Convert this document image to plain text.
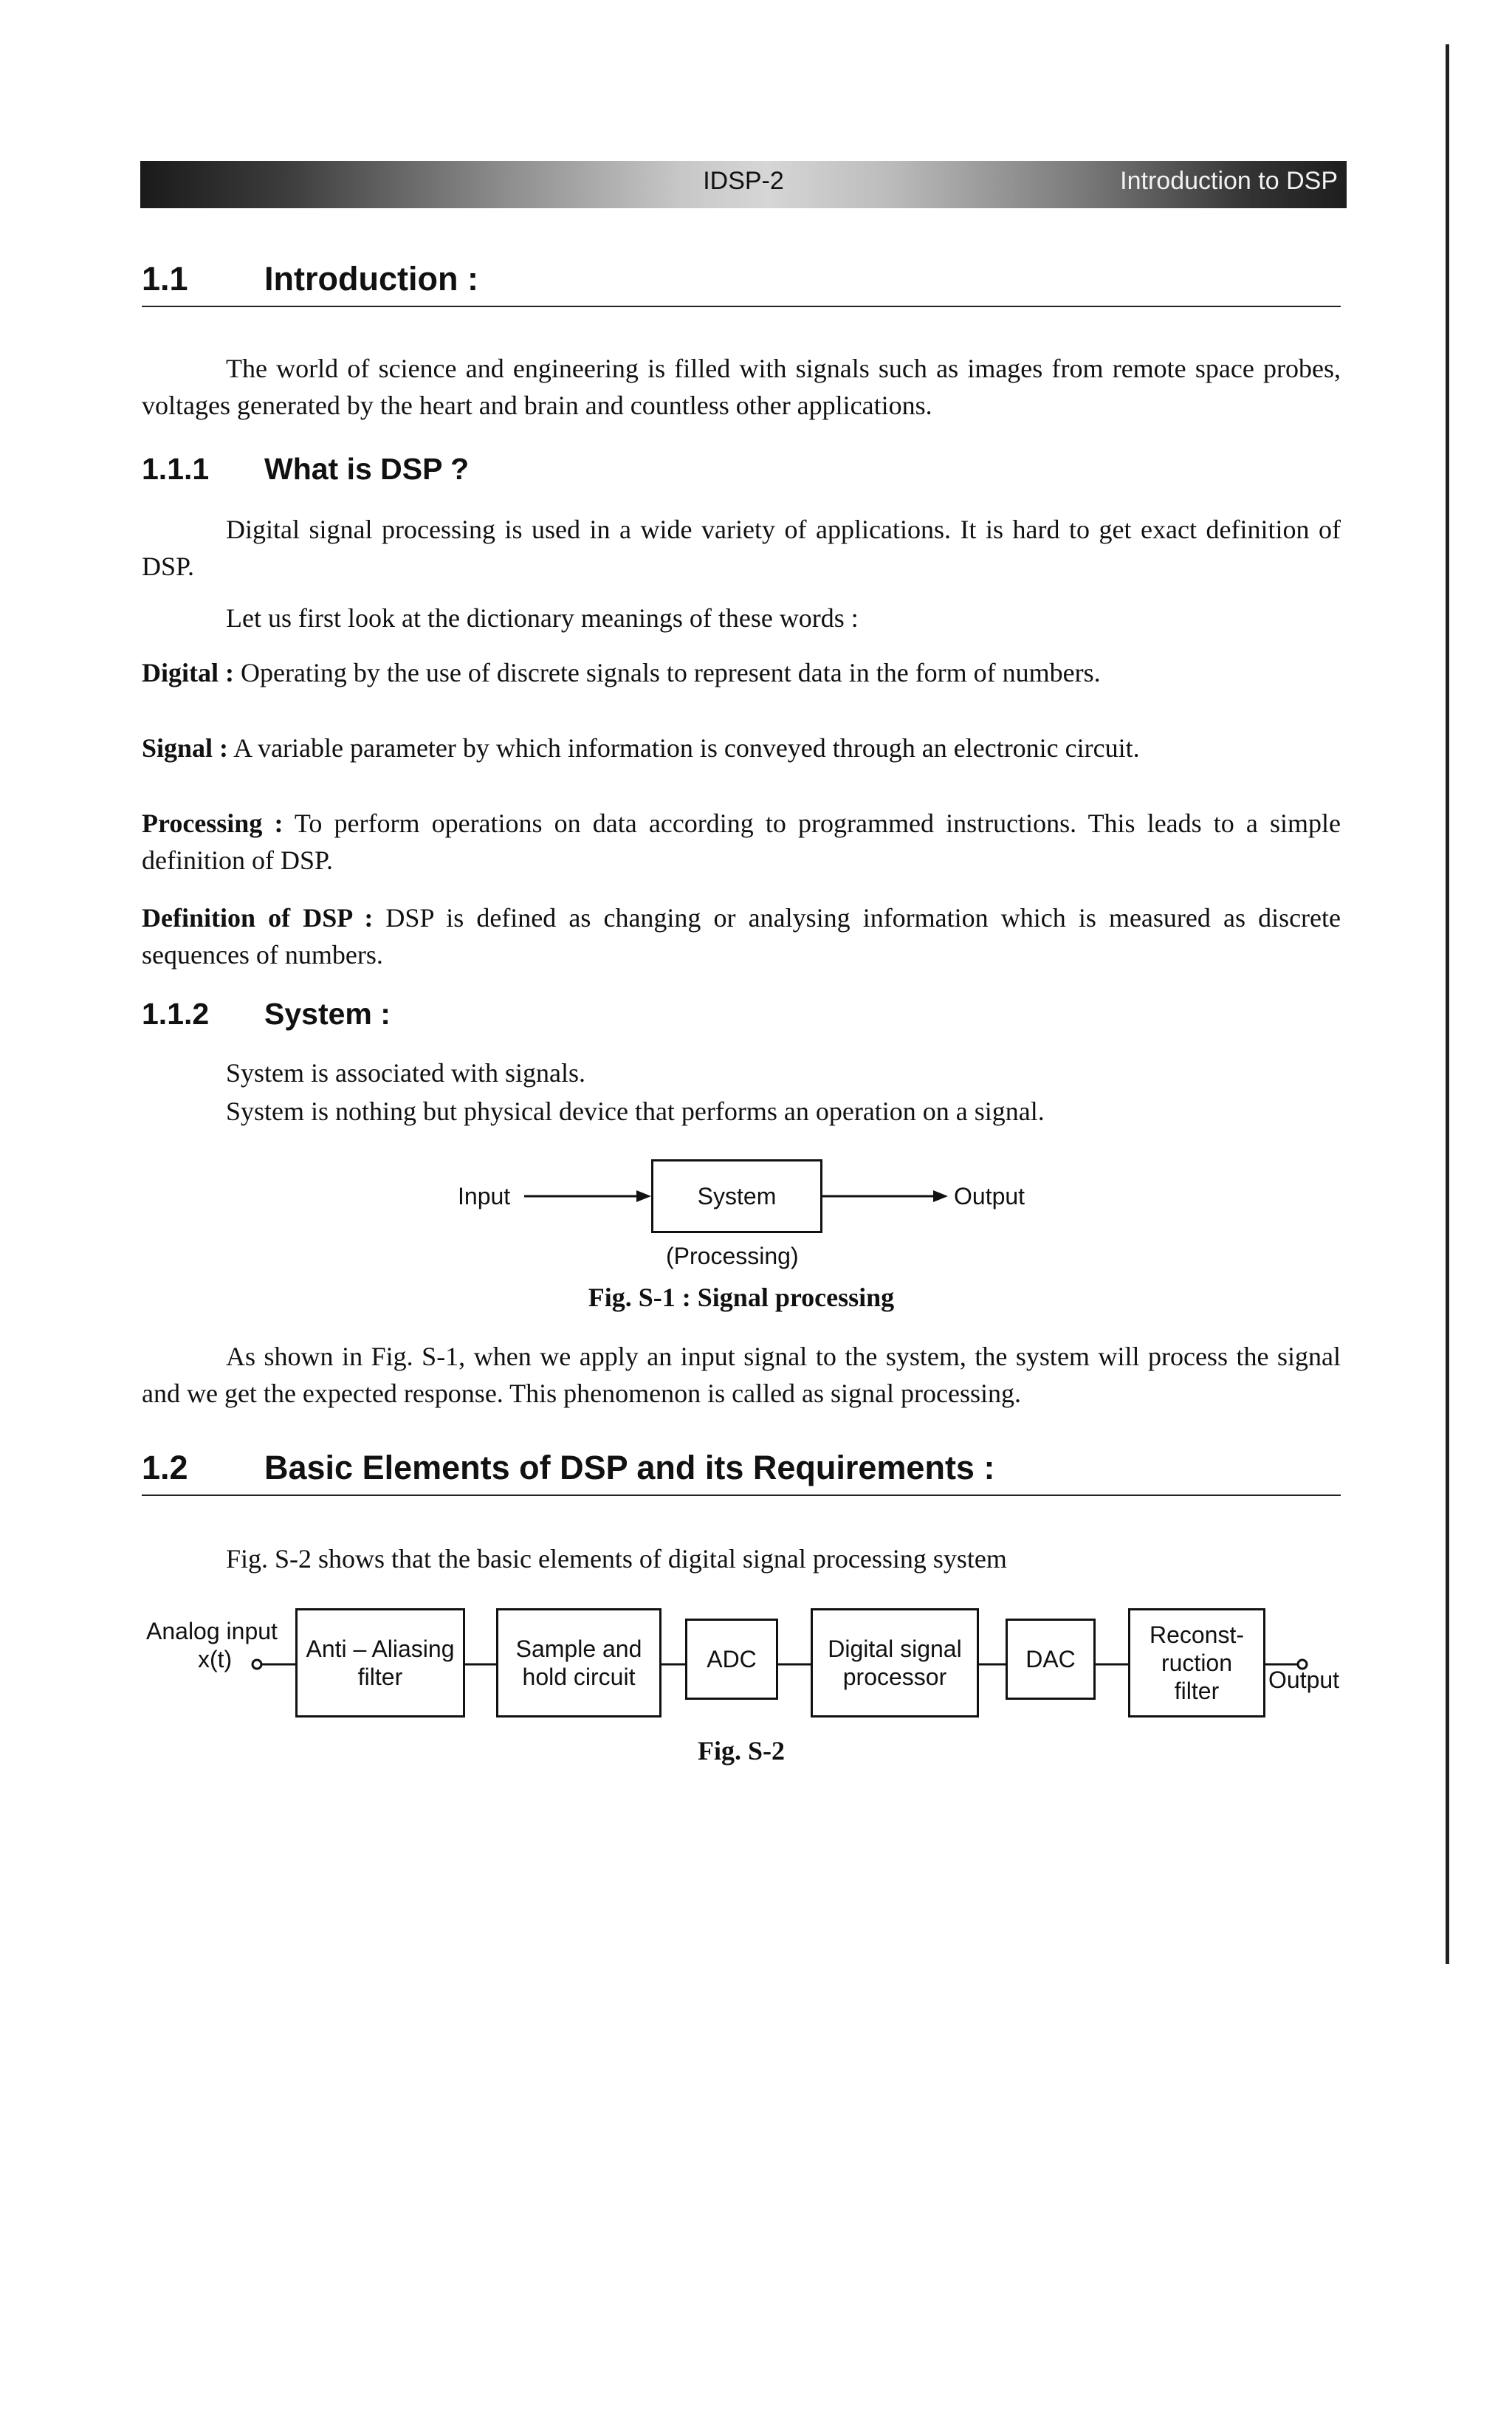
IDSP-2	Introduction to DSP
1.1 Introduction :
The world of science and engineering is filled with signals such as images from remote space probes, voltages generated by the heart and brain and countless other applications.
1.1.1 What is DSP ?
Digital signal processing is used in a wide variety of applications. It is hard to get exact definition of DSP.
Let us first look at the dictionary meanings of these words :
Digital : Operating by the use of discrete signals to represent data in the form of numbers.
Signal : A variable parameter by which information is conveyed through an electronic circuit.
Processing : To perform operations on data according to programmed instructions. This leads to a simple definition of DSP.
Definition of DSP : DSP is defined as changing or analysing information which is measured as discrete sequences of numbers.
1.1.2 System :
System is associated with signals.
System is nothing but physical device that performs an operation on a signal.
Input	System	Output
(Processing)
Fig. S-1 : Signal processing
As shown in Fig. S-1, when we apply an input signal to the system, the system will process the signal and we get the expected response. This phenomenon is called as signal processing.
1.2 Basic Elements of DSP and its Requirements :
Fig. S-2 shows that the basic elements of digital signal processing system
Analog input
x(t)	Anti – Aliasing filter
Sample and hold circuit
ADC	Digital signal processor
DAC
Reconst- ruction filter	Output
Fig. S-2
